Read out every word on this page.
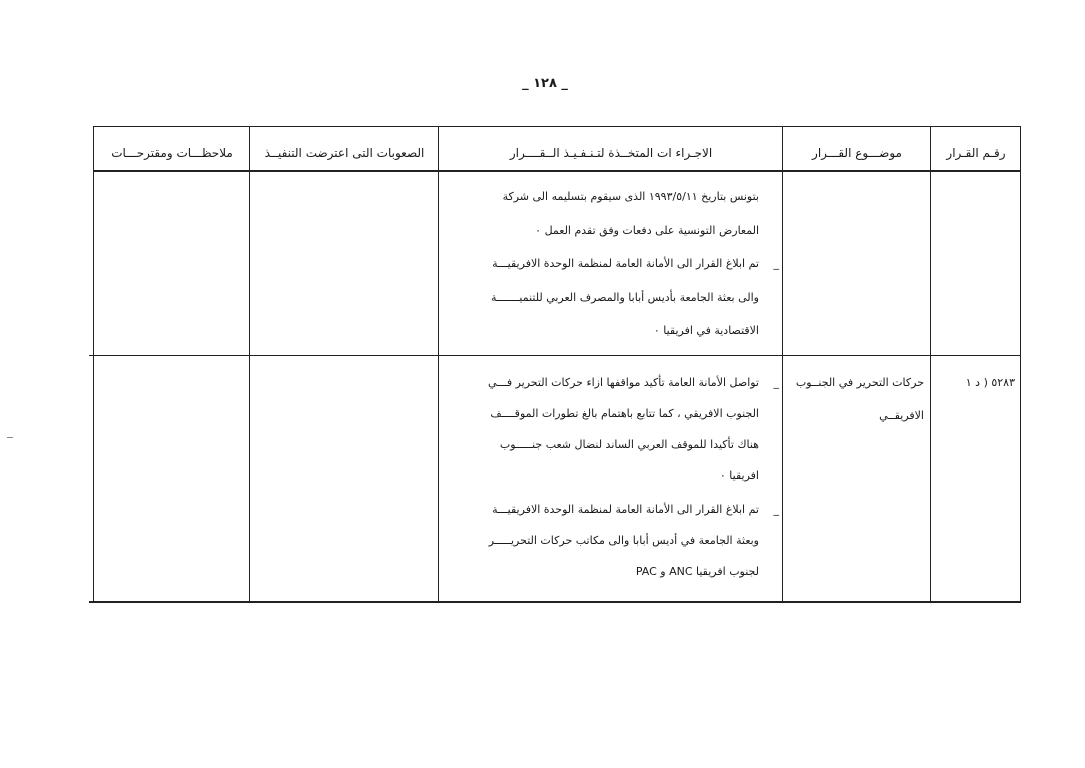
_ ١٢٨ _
رقـم القـرار
موضـــوع القـــرار
الاجـراء ات المتخــذة لتـنـفـيـذ الــقــــرار
الصعوبات التى اعترضت التنفيــذ
ملاحظـــات ومقترحـــات

بتونس بتاريخ ١٩٩٣/٥/١١ الذى سيقوم بتسليمه الى شركة

المعارض التونسية على دفعات وفق تقدم العمل ٠

_

تم ابلاغ القرار الى الأمانة العامة لمنظمة الوحدة الافريقيـــة

والى بعثة الجامعة بأديس أبابا والمصرف العربي للتنميـــــــة

الاقتصادية في افريقيا ٠

٥٢٨٣ ( د ١

حركات التحرير في الجنــوب

الافريقــي

_

تواصل الأمانة العامة تأكيد مواقفها ازاء حركات التحرير فـــي

الجنوب الافريقي ، كما تتابع باهتمام بالغ تطورات الموقــــف

هناك تأكيدا للموقف العربي الساند لنضال شعب جنـــــوب

افريقيا ٠

_

تم ابلاغ القرار الى الأمانة العامة لمنظمة الوحدة الافريقيـــة

وبعثة الجامعة في أديس أبابا والى مكاتب حركات التحريـــــر

لجنوب افريقيا ANC و PAC
